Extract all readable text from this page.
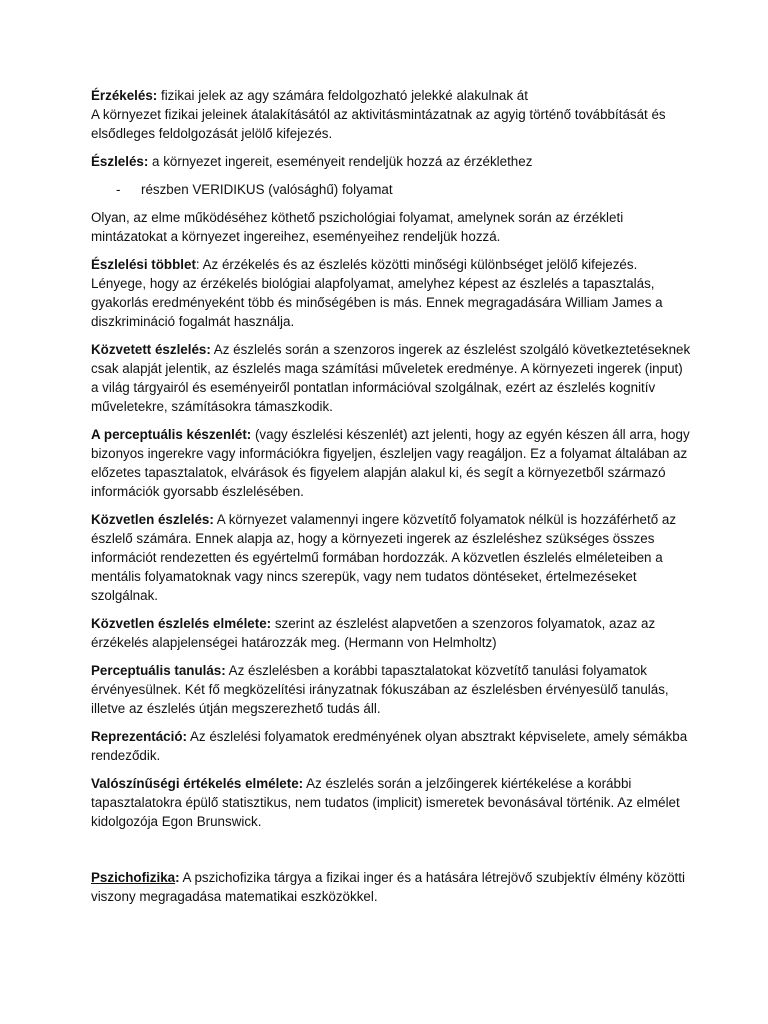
Érzékelés: fizikai jelek az agy számára feldolgozható jelekké alakulnak át
A környezet fizikai jeleinek átalakításától az aktivitásmintázatnak az agyig történő továbbítását és elsődleges feldolgozását jelölő kifejezés.

Észlelés: a környezet ingereit, eseményeit rendeljük hozzá az érzéklethez

-	részben VERIDIKUS (valósághű) folyamat

Olyan, az elme működéséhez köthető pszichológiai folyamat, amelynek során az érzékleti mintázatokat a környezet ingereihez, eseményeihez rendeljük hozzá.

Észlelési többlet: Az érzékelés és az észlelés közötti minőségi különbséget jelölő kifejezés. Lényege, hogy az érzékelés biológiai alapfolyamat, amelyhez képest az észlelés a tapasztalás, gyakorlás eredményeként több és minőségében is más. Ennek megragadására William James a diszkrimináció fogalmát használja.

Közvetett észlelés: Az észlelés során a szenzoros ingerek az észlelést szolgáló következtetéseknek csak alapját jelentik, az észlelés maga számítási műveletek eredménye. A környezeti ingerek (input) a világ tárgyairól és eseményeiről pontatlan információval szolgálnak, ezért az észlelés kognitív műveletekre, számításokra támaszkodik.

A perceptuális készenlét: (vagy észlelési készenlét) azt jelenti, hogy az egyén készen áll arra, hogy bizonyos ingerekre vagy információkra figyeljen, észleljen vagy reagáljon. Ez a folyamat általában az előzetes tapasztalatok, elvárások és figyelem alapján alakul ki, és segít a környezetből származó információk gyorsabb észlelésében.

Közvetlen észlelés: A környezet valamennyi ingere közvetítő folyamatok nélkül is hozzáférhető az észlelő számára. Ennek alapja az, hogy a környezeti ingerek az észleléshez szükséges összes információt rendezetten és egyértelmű formában hordozzák. A közvetlen észlelés elméleteiben a mentális folyamatoknak vagy nincs szerepük, vagy nem tudatos döntéseket, értelmezéseket szolgálnak.

Közvetlen észlelés elmélete: szerint az észlelést alapvetően a szenzoros folyamatok, azaz az érzékelés alapjelenségei határozzák meg. (Hermann von Helmholtz)

Perceptuális tanulás: Az észlelésben a korábbi tapasztalatokat közvetítő tanulási folyamatok érvényesülnek. Két fő megközelítési irányzatnak fókuszában az észlelésben érvényesülő tanulás, illetve az észlelés útján megszerezhető tudás áll.

Reprezentáció: Az észlelési folyamatok eredményének olyan absztrakt képviselete, amely sémákba rendeződik.

Valószínűségi értékelés elmélete: Az észlelés során a jelzőingerek kiértékelése a korábbi tapasztalatokra épülő statisztikus, nem tudatos (implicit) ismeretek bevonásával történik. Az elmélet kidolgozója Egon Brunswick.

Pszichofizika: A pszichofizika tárgya a fizikai inger és a hatására létrejövő szubjektív élmény közötti viszony megragadása matematikai eszközökkel.
